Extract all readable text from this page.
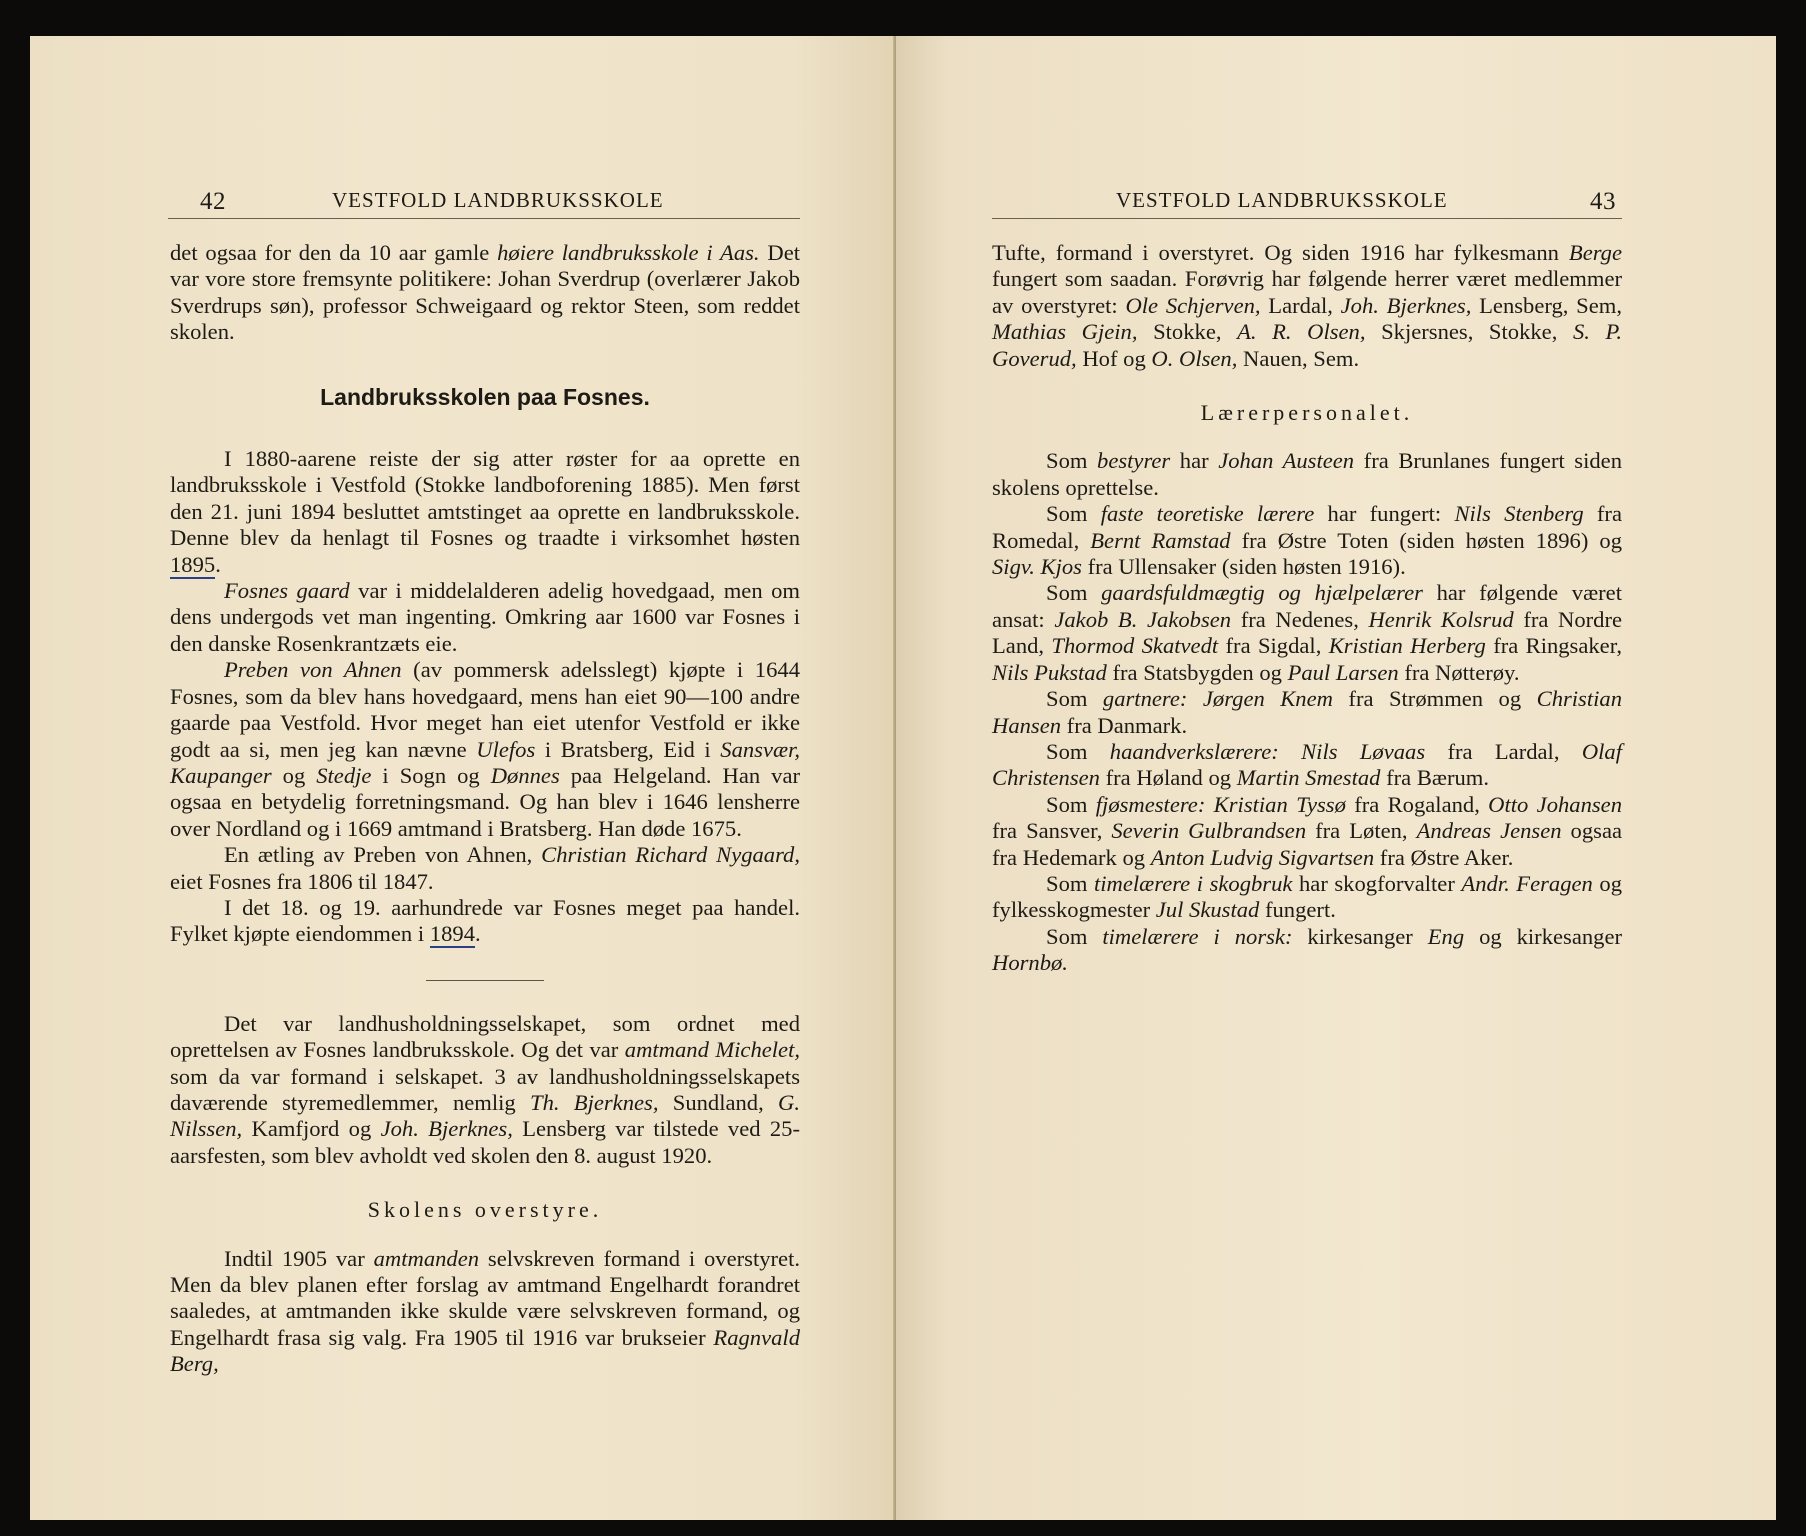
42	VESTFOLD LANDBRUKSSKOLE

det ogsaa for den da 10 aar gamle høiere landbruksskole i Aas. Det var vore store fremsynte politikere: Johan Sverdrup (overlærer Jakob Sverdrups søn), professor Schweigaard og rektor Steen, som reddet skolen.

Landbruksskolen paa Fosnes.

I 1880-aarene reiste der sig atter røster for aa oprette en landbruksskole i Vestfold (Stokke landboforening 1885). Men først den 21. juni 1894 besluttet amtstinget aa oprette en landbruksskole. Denne blev da henlagt til Fosnes og traadte i virksomhet høsten 1895.

Fosnes gaard var i middelalderen adelig hovedgaad, men om dens undergods vet man ingenting. Omkring aar 1600 var Fosnes i den danske Rosenkrantzæts eie.

Preben von Ahnen (av pommersk adelsslegt) kjøpte i 1644 Fosnes, som da blev hans hovedgaard, mens han eiet 90—100 andre gaarde paa Vestfold. Hvor meget han eiet utenfor Vestfold er ikke godt aa si, men jeg kan nævne Ulefos i Bratsberg, Eid i Sansvær, Kaupanger og Stedje i Sogn og Dønnes paa Helgeland. Han var ogsaa en betydelig forretningsmand. Og han blev i 1646 lensherre over Nordland og i 1669 amtmand i Bratsberg. Han døde 1675.

En ætling av Preben von Ahnen, Christian Richard Nygaard, eiet Fosnes fra 1806 til 1847.

I det 18. og 19. aarhundrede var Fosnes meget paa handel. Fylket kjøpte eiendommen i 1894.

Det var landhusholdningsselskapet, som ordnet med oprettelsen av Fosnes landbruksskole. Og det var amtmand Michelet, som da var formand i selskapet. 3 av landhusholdningsselskapets daværende styremedlemmer, nemlig Th. Bjerknes, Sundland, G. Nilssen, Kamfjord og Joh. Bjerknes, Lensberg var tilstede ved 25-aarsfesten, som blev avholdt ved skolen den 8. august 1920.

Skolens overstyre.

Indtil 1905 var amtmanden selvskreven formand i overstyret. Men da blev planen efter forslag av amtmand Engelhardt forandret saaledes, at amtmanden ikke skulde være selvskreven formand, og Engelhardt frasa sig valg. Fra 1905 til 1916 var brukseier Ragnvald Berg,

VESTFOLD LANDBRUKSSKOLE	43

Tufte, formand i overstyret. Og siden 1916 har fylkesmann Berge fungert som saadan. Forøvrig har følgende herrer været medlemmer av overstyret: Ole Schjerven, Lardal, Joh. Bjerknes, Lensberg, Sem, Mathias Gjein, Stokke, A. R. Olsen, Skjersnes, Stokke, S. P. Goverud, Hof og O. Olsen, Nauen, Sem.

Lærerpersonalet.

Som bestyrer har Johan Austeen fra Brunlanes fungert siden skolens oprettelse.

Som faste teoretiske lærere har fungert: Nils Stenberg fra Romedal, Bernt Ramstad fra Østre Toten (siden høsten 1896) og Sigv. Kjos fra Ullensaker (siden høsten 1916).

Som gaardsfuldmægtig og hjælpelærer har følgende været ansat: Jakob B. Jakobsen fra Nedenes, Henrik Kolsrud fra Nordre Land, Thormod Skatvedt fra Sigdal, Kristian Herberg fra Ringsaker, Nils Pukstad fra Statsbygden og Paul Larsen fra Nøtterøy.

Som gartnere: Jørgen Knem fra Strømmen og Christian Hansen fra Danmark.

Som haandverkslærere: Nils Løvaas fra Lardal, Olaf Christensen fra Høland og Martin Smestad fra Bærum.

Som fjøsmestere: Kristian Tyssø fra Rogaland, Otto Johansen fra Sansver, Severin Gulbrandsen fra Løten, Andreas Jensen ogsaa fra Hedemark og Anton Ludvig Sigvartsen fra Østre Aker.

Som timelærere i skogbruk har skogforvalter Andr. Feragen og fylkesskogmester Jul Skustad fungert.

Som timelærere i norsk: kirkesanger Eng og kirkesanger Hornbø.
